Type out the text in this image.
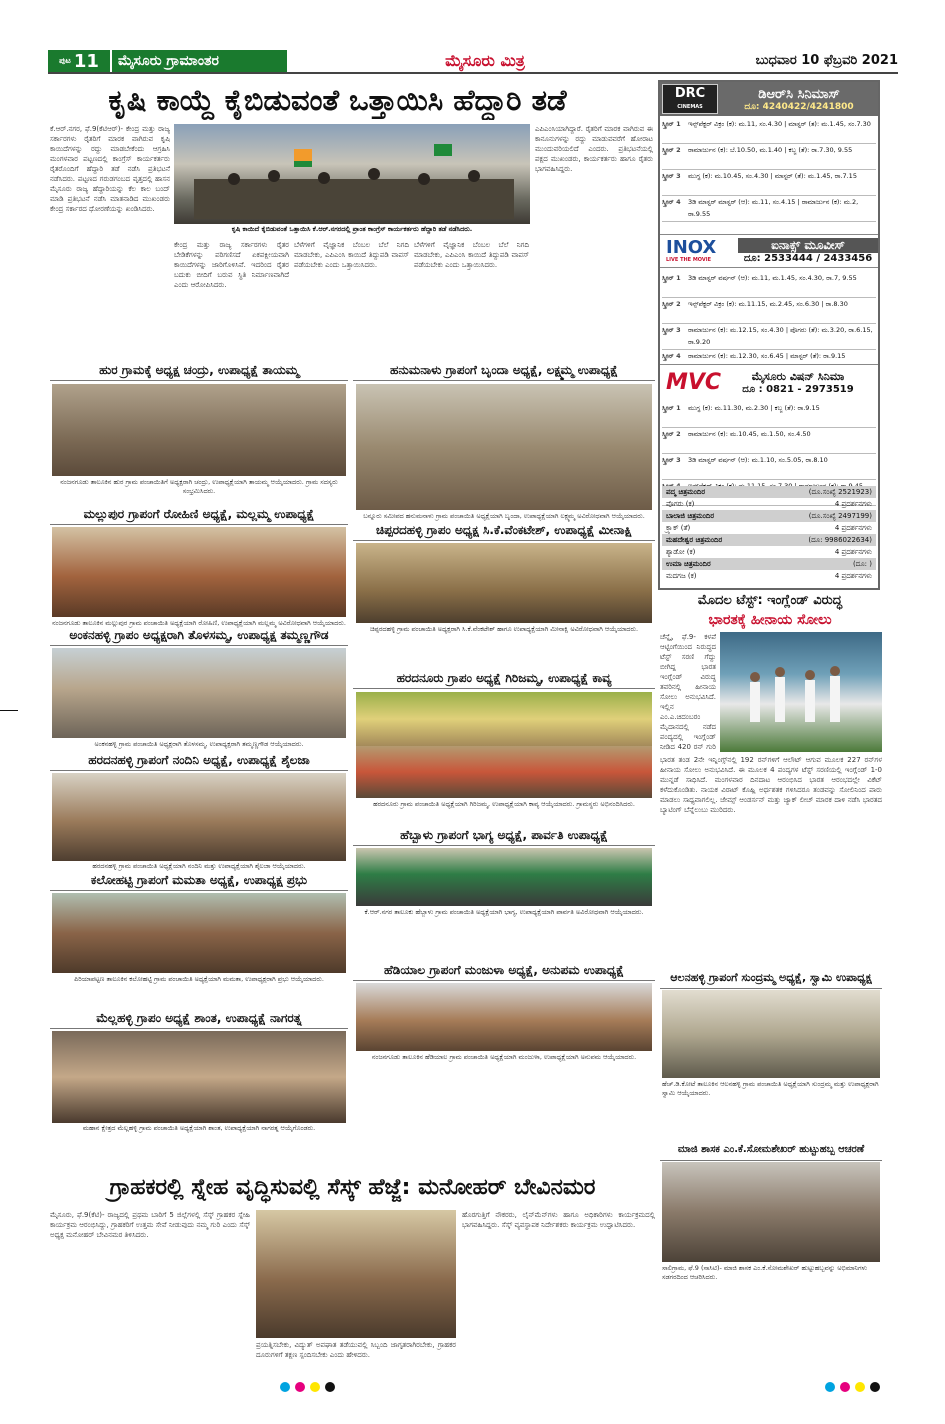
ಪುಟ 11	ಮೈಸೂರು ಗ್ರಾಮಾಂತರ	ಮೈಸೂರು ಮಿತ್ರ	ಬುಧವಾರ 10 ಫೆಬ್ರವರಿ 2021
ಕೃಷಿ ಕಾಯ್ದೆ ಕೈಬಿಡುವಂತೆ ಒತ್ತಾಯಿಸಿ ಹೆದ್ದಾರಿ ತಡೆ
ಕೆ.ಆರ್.ನಗರ, ಫೆ.9(ಕೆಟಿಆರ್)- ಕೇಂದ್ರ ಮತ್ತು ರಾಜ್ಯ ಸರ್ಕಾರಗಳು ರೈತರಿಗೆ ಮಾರಕ ವಾಗಿರುವ ಕೃಷಿ ಕಾಯಿದೆಗಳನ್ನು ರದ್ದು ಮಾಡಬೇಕೆಂದು ಆಗ್ರಹಿಸಿ ಮಂಗಳವಾರ ಪಟ್ಟಣದಲ್ಲಿ ಕಾಂಗ್ರೆಸ್ ಕಾರ್ಯಕರ್ತರು ರೈತರೊಂದಿಗೆ ಹೆದ್ದಾರಿ ತಡೆ ನಡೆಸಿ ಪ್ರತಿಭಟನೆ ನಡೆಸಿದರು. ಪಟ್ಟಣದ ಗರುಡಗಂಬದ ವೃತ್ತದಲ್ಲಿ ಹಾಸನ ಮೈಸೂರು ರಾಜ್ಯ ಹೆದ್ದಾರಿಯನ್ನು ಕೆಲ ಕಾಲ ಬಂದ್ ಮಾಡಿ ಪ್ರತಿಭಟನೆ ನಡೆಸಿ ಮಾತನಾಡಿದ ಮುಖಂಡರು ಕೇಂದ್ರ ಸರ್ಕಾರದ ಧೋರಣೆಯನ್ನು ಖಂಡಿಸಿದರು.
ಕೃಷಿ ಕಾಯಿದೆ ಕೈಬಿಡುವಂತೆ ಒತ್ತಾಯಿಸಿ ಕೆ.ಆರ್.ನಗರದಲ್ಲಿ ಪ್ರಾಂತ ಕಾಂಗ್ರೆಸ್ ಕಾರ್ಯಕರ್ತರು ಹೆದ್ದಾರಿ ತಡೆ ನಡೆಸಿದರು.
ಕೇಂದ್ರ ಮತ್ತು ರಾಜ್ಯ ಸರ್ಕಾರಗಳು ರೈತರ ಬೇಡಿಕೆಗಳನ್ನು ಪರಿಗಣಿಸದೆ ಏಕಪಕ್ಷೀಯವಾಗಿ ಕಾಯಿದೆಗಳನ್ನು ಜಾರಿಗೊಳಿಸಿವೆ. ಇದರಿಂದ ರೈತರ ಬದುಕು ಬೀದಿಗೆ ಬರುವ ಸ್ಥಿತಿ ನಿರ್ಮಾಣವಾಗಿದೆ ಎಂದು ಆರೋಪಿಸಿದರು.
ಬೆಳೆಗಳಿಗೆ ವೈಜ್ಞಾನಿಕ ಬೆಂಬಲ ಬೆಲೆ ನಿಗದಿ ಮಾಡಬೇಕು, ಎಪಿಎಂಸಿ ಕಾಯಿದೆ ತಿದ್ದುಪಡಿ ವಾಪಸ್ ಪಡೆಯಬೇಕು ಎಂದು ಒತ್ತಾಯಿಸಿದರು.
ಬೆಳೆಗಳಿಗೆ ವೈಜ್ಞಾನಿಕ ಬೆಂಬಲ ಬೆಲೆ ನಿಗದಿ ಮಾಡಬೇಕು, ಎಪಿಎಂಸಿ ಕಾಯಿದೆ ತಿದ್ದುಪಡಿ ವಾಪಸ್ ಪಡೆಯಬೇಕು ಎಂದು ಒತ್ತಾಯಿಸಿದರು.
ಎಪಿಎಂಸಿಯಾಗಿದ್ದಾರೆ. ರೈತರಿಗೆ ಮಾರಕ ವಾಗಿರುವ ಈ ಕಾನೂನುಗಳನ್ನು ರದ್ದು ಮಾಡುವವರೆಗೆ ಹೋರಾಟ ಮುಂದುವರಿಯಲಿದೆ ಎಂದರು. ಪ್ರತಿಭಟನೆಯಲ್ಲಿ ಪಕ್ಷದ ಮುಖಂಡರು, ಕಾರ್ಯಕರ್ತರು ಹಾಗೂ ರೈತರು ಭಾಗವಹಿಸಿದ್ದರು.
DRC
CINEMAS
ಡಿಆರ್‌ಸಿ ಸಿನಿಮಾಸ್
ದೂ: 4240422/4241800
ಸ್ಕ್ರೀನ್ 1	ಇನ್ಸ್‌ಪೆಕ್ಟರ್ ವಿಕ್ರಂ (ಕ): ಮ.11, ಸಂ.4.30 | ಮಾಸ್ಟರ್ (ತ): ಮ.1.45, ಸಂ.7.30
ಸ್ಕ್ರೀನ್ 2	ರಾಮಾರ್ಜುನ (ಕ): ಬೆ.10.50, ಮ.1.40 | ಕಬ್ಜ (ತೆ): ರಾ.7.30, 9.55
ಸ್ಕ್ರೀನ್ 3	ಮುಗ್ಧ (ಕ): ಮ.10.45, ಸಂ.4.30 | ಮಾಸ್ಟರ್ (ತೆ): ಮ.1.45, ರಾ.7.15
ಸ್ಕ್ರೀನ್ 4	3ಡಿ ಮಾಸ್ಟರ್ ಮಾಸ್ಟರ್ (ಆ): ಮ.11, ಸಂ.4.15 | ರಾಮಾರ್ಜುನ (ಕ): ಮ.2, ರಾ.9.55
INOX
LIVE THE MOVIE
ಐನಾಕ್ಸ್ ಮೂವೀಸ್
ದೂ: 2533444 / 2433456
ಸ್ಕ್ರೀನ್ 1	3ಡಿ ಮಾಸ್ಟರ್ ವರ್ಷನ್ (ಆ): ಮ.11, ಮ.1.45, ಸಂ.4.30, ರಾ.7, 9.55
ಸ್ಕ್ರೀನ್ 2	ಇನ್ಸ್‌ಪೆಕ್ಟರ್ ವಿಕ್ರಂ (ಕ): ಮ.11.15, ಮ.2.45, ಸಂ.6.30 | ರಾ.8.30
ಸ್ಕ್ರೀನ್ 3	ರಾಮಾರ್ಜುನ (ಕ): ಮ.12.15, ಸಂ.4.30 | ಪೊಗರು (ತೆ): ಮ.3.20, ರಾ.6.15, ರಾ.9.20
ಸ್ಕ್ರೀನ್ 4	ರಾಮಾರ್ಜುನ (ಕ): ಮ.12.30, ಸಂ.6.45 | ಮಾಸ್ಟರ್ (ತೆ): ರಾ.9.15
MVC	ಮೈಸೂರು ವಿಷನ್ ಸಿನಿಮಾ
ದೂ : 0821 - 2973519
ಸ್ಕ್ರೀನ್ 1	ಮುಗ್ಧ (ಕ): ಮ.11.30, ಮ.2.30 | ಕಬ್ಜ (ತೆ): ರಾ.9.15
ಸ್ಕ್ರೀನ್ 2	ರಾಮಾರ್ಜುನ (ಕ): ಮ.10.45, ಮ.1.50, ಸಂ.4.50
ಸ್ಕ್ರೀನ್ 3	3ಡಿ ಮಾಸ್ಟರ್ ವರ್ಷನ್ (ಆ): ಮ.1.10, ಸಂ.5.05, ರಾ.8.10
ಪದ್ಮ ಚಿತ್ರಮಂದಿರ	(ದೂ.ಸಂಖ್ಯೆ 2521923)
ಪೊಗರು (ಕ)	4 ಪ್ರದರ್ಶನಗಳು
ಬಾಲಾಜಿ ಚಿತ್ರಮಂದಿರ	(ದೂ.ಸಂಖ್ಯೆ 2497199)
ಕ್ರ್ಯಾಕ್ (ತೆ)	4 ಪ್ರದರ್ಶನಗಳು
ಮಹದೇಶ್ವರ ಚಿತ್ರಮಂದಿರ	(ದೂ: 9986022634)
ಶ್ಯಾಡೋ (ಕ)	4 ಪ್ರದರ್ಶನಗಳು
ಉಮಾ ಚಿತ್ರಮಂದಿರ	(ದೂ: )
ಮದಗಜ (ಕ)	4 ಪ್ರದರ್ಶನಗಳು
ಹುರ ಗ್ರಾಮಕ್ಕೆ ಅಧ್ಯಕ್ಷ ಚಂದ್ರು, ಉಪಾಧ್ಯಕ್ಷೆ ತಾಯಮ್ಮ
ನಂಜನಗೂಡು ತಾಲೂಕಿನ ಹುರ ಗ್ರಾಮ ಪಂಚಾಯಿತಿಗೆ ಅಧ್ಯಕ್ಷರಾಗಿ ಚಂದ್ರು, ಉಪಾಧ್ಯಕ್ಷೆಯಾಗಿ ತಾಯಮ್ಮ ಆಯ್ಕೆಯಾದರು. ಗ್ರಾಮ ಸದಸ್ಯರು ಸಂಭ್ರಮಿಸಿದರು.
ಹನುಮನಾಳು ಗ್ರಾಪಂಗೆ ಬೃಂದಾ ಅಧ್ಯಕ್ಷೆ, ಲಕ್ಷ್ಮಮ್ಮ ಉಪಾಧ್ಯಕ್ಷೆ
ಬನ್ನೂರು ಸಮೀಪದ ಹನುಮನಾಳು ಗ್ರಾಮ ಪಂಚಾಯಿತಿ ಅಧ್ಯಕ್ಷೆಯಾಗಿ ಬೃಂದಾ, ಉಪಾಧ್ಯಕ್ಷೆಯಾಗಿ ಲಕ್ಷ್ಮಮ್ಮ ಅವಿರೋಧವಾಗಿ ಆಯ್ಕೆಯಾದರು.
ಮಲ್ಲುಪುರ ಗ್ರಾಪಂಗೆ ರೋಹಿಣಿ ಅಧ್ಯಕ್ಷೆ, ಮಲ್ಲಮ್ಮ ಉಪಾಧ್ಯಕ್ಷೆ
ನಂಜನಗೂಡು ತಾಲೂಕಿನ ಮಲ್ಲುಪುರ ಗ್ರಾಮ ಪಂಚಾಯಿತಿ ಅಧ್ಯಕ್ಷೆಯಾಗಿ ರೋಹಿಣಿ, ಉಪಾಧ್ಯಕ್ಷೆಯಾಗಿ ಮಲ್ಲಮ್ಮ ಅವಿರೋಧವಾಗಿ ಆಯ್ಕೆಯಾದರು.
ಚಿಪ್ಪರದಹಳ್ಳಿ ಗ್ರಾಪಂ ಅಧ್ಯಕ್ಷ ಸಿ.ಕೆ.ವೆಂಕಟೇಶ್, ಉಪಾಧ್ಯಕ್ಷೆ ಮೀನಾಕ್ಷಿ
ಚಿಪ್ಪರದಹಳ್ಳಿ ಗ್ರಾಮ ಪಂಚಾಯಿತಿ ಅಧ್ಯಕ್ಷರಾಗಿ ಸಿ.ಕೆ.ವೆಂಕಟೇಶ್ ಹಾಗೂ ಉಪಾಧ್ಯಕ್ಷೆಯಾಗಿ ಮೀನಾಕ್ಷಿ ಅವಿರೋಧವಾಗಿ ಆಯ್ಕೆಯಾದರು.
ಅಂಕನಹಳ್ಳಿ ಗ್ರಾಪಂ ಅಧ್ಯಕ್ಷರಾಗಿ ತೊಳಸಮ್ಮ, ಉಪಾಧ್ಯಕ್ಷ ತಮ್ಮಣ್ಣಗೌಡ
ಅಂಕನಹಳ್ಳಿ ಗ್ರಾಮ ಪಂಚಾಯಿತಿ ಅಧ್ಯಕ್ಷರಾಗಿ ತೊಳಸಮ್ಮ, ಉಪಾಧ್ಯಕ್ಷರಾಗಿ ತಮ್ಮಣ್ಣಗೌಡ ಆಯ್ಕೆಯಾದರು.
ಹರದನೂರು ಗ್ರಾಪಂ ಅಧ್ಯಕ್ಷೆ ಗಿರಿಜಮ್ಮ, ಉಪಾಧ್ಯಕ್ಷೆ ಕಾವ್ಯ
ಹರದನೂರು ಗ್ರಾಮ ಪಂಚಾಯಿತಿ ಅಧ್ಯಕ್ಷೆಯಾಗಿ ಗಿರಿಜಮ್ಮ, ಉಪಾಧ್ಯಕ್ಷೆಯಾಗಿ ಕಾವ್ಯ ಆಯ್ಕೆಯಾದರು. ಗ್ರಾಮಸ್ಥರು ಅಭಿನಂದಿಸಿದರು.
ಹರದನಹಳ್ಳಿ ಗ್ರಾಪಂಗೆ ನಂದಿನಿ ಅಧ್ಯಕ್ಷೆ, ಉಪಾಧ್ಯಕ್ಷೆ ಶೈಲಜಾ
ಹರದನಹಳ್ಳಿ ಗ್ರಾಮ ಪಂಚಾಯಿತಿ ಅಧ್ಯಕ್ಷೆಯಾಗಿ ನಂದಿನಿ ಮತ್ತು ಉಪಾಧ್ಯಕ್ಷೆಯಾಗಿ ಶೈಲಜಾ ಆಯ್ಕೆಯಾದರು.
ಹೆಬ್ಬಾಳು ಗ್ರಾಪಂಗೆ ಭಾಗ್ಯ ಅಧ್ಯಕ್ಷೆ, ಪಾರ್ವತಿ ಉಪಾಧ್ಯಕ್ಷೆ
ಕೆ.ಆರ್.ನಗರ ತಾಲೂಕು ಹೆಬ್ಬಾಳು ಗ್ರಾಮ ಪಂಚಾಯಿತಿ ಅಧ್ಯಕ್ಷೆಯಾಗಿ ಭಾಗ್ಯ, ಉಪಾಧ್ಯಕ್ಷೆಯಾಗಿ ಪಾರ್ವತಿ ಅವಿರೋಧವಾಗಿ ಆಯ್ಕೆಯಾದರು.
ಕಲೋಹಟ್ಟಿ ಗ್ರಾಪಂಗೆ ಮಮತಾ ಅಧ್ಯಕ್ಷೆ, ಉಪಾಧ್ಯಕ್ಷ ಪ್ರಭು
ಪಿರಿಯಾಪಟ್ಟಣ ತಾಲೂಕಿನ ಕಲೋಹಟ್ಟಿ ಗ್ರಾಮ ಪಂಚಾಯಿತಿ ಅಧ್ಯಕ್ಷೆಯಾಗಿ ಮಮತಾ, ಉಪಾಧ್ಯಕ್ಷರಾಗಿ ಪ್ರಭು ಆಯ್ಕೆಯಾದರು.
ಹೆಡಿಯಾಲ ಗ್ರಾಪಂಗೆ ಮಂಜುಳಾ ಅಧ್ಯಕ್ಷೆ, ಅನುಪಮ ಉಪಾಧ್ಯಕ್ಷೆ
ನಂಜನಗೂಡು ತಾಲೂಕಿನ ಹೆಡಿಯಾಲ ಗ್ರಾಮ ಪಂಚಾಯಿತಿ ಅಧ್ಯಕ್ಷೆಯಾಗಿ ಮಂಜುಳಾ, ಉಪಾಧ್ಯಕ್ಷೆಯಾಗಿ ಅನುಪಮ ಆಯ್ಕೆಯಾದರು.
ಮೆಲ್ಲಹಳ್ಳಿ ಗ್ರಾಪಂ ಅಧ್ಯಕ್ಷೆ ಶಾಂತ, ಉಪಾಧ್ಯಕ್ಷೆ ನಾಗರತ್ನ
ಮಹಾನ ಕ್ಷೇತ್ರದ ಮೆಲ್ಲಹಳ್ಳಿ ಗ್ರಾಮ ಪಂಚಾಯಿತಿ ಅಧ್ಯಕ್ಷೆಯಾಗಿ ಶಾಂತ, ಉಪಾಧ್ಯಕ್ಷೆಯಾಗಿ ನಾಗರತ್ನ ಆಯ್ಕೆಗೊಂಡರು.
ಮೊದಲ ಟೆಸ್ಟ್: ಇಂಗ್ಲೆಂಡ್ ವಿರುದ್ಧ
ಭಾರತಕ್ಕೆ ಹೀನಾಯ ಸೋಲು
ಚೆನ್ನೈ, ಫೆ.9- ಕಳಪೆ ಆಟ್ಟಿಂಗೆಯಿಂದ ನಿರುದ್ಧದ ಟೆಸ್ಟ್ ಸರಣಿ ಗೆದ್ದು ಬೀಗಿದ್ದ ಭಾರತ ಇಂಗ್ಲೆಂಡ್ ವಿರುದ್ಧ ತವರಿನಲ್ಲಿ ಹೀನಾಯ ಸೋಲು ಅನುಭವಿಸಿದೆ. ಇಲ್ಲಿನ ಎಂ.ಎ.ಚಿದಂಬರಂ ಮೈದಾನದಲ್ಲಿ ನಡೆದ ಪಂದ್ಯದಲ್ಲಿ ಇಂಗ್ಲೆಂಡ್ ನೀಡಿದ 420 ರನ್ ಗುರಿ
ಭಾರತ ತಂಡ 2ನೇ ಇನ್ನಿಂಗ್ಸ್‌ನಲ್ಲಿ 192 ರನ್‌ಗಳಿಗೆ ಆಲೌಟ್ ಆಗುವ ಮೂಲಕ 227 ರನ್‌ಗಳ ಹೀನಾಯ ಸೋಲು ಅನುಭವಿಸಿದೆ. ಈ ಮೂಲಕ 4 ಪಂದ್ಯಗಳ ಟೆಸ್ಟ್ ಸರಣಿಯಲ್ಲಿ ಇಂಗ್ಲೆಂಡ್ 1-0 ಮುನ್ನಡೆ ಸಾಧಿಸಿದೆ. ಮಂಗಳವಾರ ದಿನದಾಟ ಆರಂಭಿಸಿದ ಭಾರತ ಆರಂಭದಲ್ಲೇ ವಿಕೆಟ್ ಕಳೆದುಕೊಂಡಿತು. ನಾಯಕ ವಿರಾಟ್ ಕೊಹ್ಲಿ ಅರ್ಧಶತಕ ಗಳಿಸಿದರೂ ತಂಡವನ್ನು ಸೋಲಿನಿಂದ ಪಾರು ಮಾಡಲು ಸಾಧ್ಯವಾಗಲಿಲ್ಲ. ಜೇಮ್ಸ್ ಆಂಡರ್ಸನ್ ಮತ್ತು ಜ್ಯಾಕ್ ಲೀಚ್ ಮಾರಕ ದಾಳಿ ನಡೆಸಿ ಭಾರತದ ಬ್ಯಾಟಿಂಗ್ ಬೆನ್ನೆಲುಬು ಮುರಿದರು.
ಆಲನಹಳ್ಳಿ ಗ್ರಾಪಂಗೆ ಸುಂದ್ರಮ್ಮ ಅಧ್ಯಕ್ಷೆ, ಸ್ವಾಮಿ ಉಪಾಧ್ಯಕ್ಷ
ಹೆಚ್.ಡಿ.ಕೋಟೆ ತಾಲೂಕಿನ ಆಲನಹಳ್ಳಿ ಗ್ರಾಮ ಪಂಚಾಯಿತಿ ಅಧ್ಯಕ್ಷೆಯಾಗಿ ಸುಂದ್ರಮ್ಮ ಮತ್ತು ಉಪಾಧ್ಯಕ್ಷರಾಗಿ ಸ್ವಾಮಿ ಆಯ್ಕೆಯಾದರು.
ಮಾಜಿ ಶಾಸಕ ಎಂ.ಕೆ.ಸೋಮಶೇಖರ್ ಹುಟ್ಟುಹಬ್ಬ ಆಚರಣೆ
ಸಾಲಿಗ್ರಾಮ, ಫೆ.9 (ಸಾಸಿಟಿ)- ಮಾಜಿ ಶಾಸಕ ಎಂ.ಕೆ.ಸೋಮಶೇಖರ್ ಹುಟ್ಟುಹಬ್ಬವನ್ನು ಅಭಿಮಾನಿಗಳು ಸಡಗರದಿಂದ ಆಚರಿಸಿದರು.
ಗ್ರಾಹಕರಲ್ಲಿ ಸ್ನೇಹ ವೃದ್ಧಿಸುವಲ್ಲಿ ಸೆಸ್ಕ್ ಹೆಜ್ಜೆ: ಮನೋಹರ್ ಬೇವಿನಮರ
ಮೈಸೂರು, ಫೆ.9(ಕೆಟಿ)- ರಾಜ್ಯದಲ್ಲಿ ಪ್ರಥಮ ಬಾರಿಗೆ 5 ಜಿಲ್ಲೆಗಳಲ್ಲಿ ಸೆಸ್ಕ್ ಗ್ರಾಹಕರ ಸ್ನೇಹಿ ಕಾರ್ಯಕ್ರಮ ಆರಂಭಿಸಿದ್ದು, ಗ್ರಾಹಕರಿಗೆ ಉತ್ತಮ ಸೇವೆ ನೀಡುವುದು ನಮ್ಮ ಗುರಿ ಎಂದು ಸೆಸ್ಕ್ ಅಧ್ಯಕ್ಷ ಮನೋಹರ್ ಬೇವಿನಮರ ತಿಳಿಸಿದರು.
ಪ್ರಯತ್ನಿಸಬೇಕು, ವಿದ್ಯುತ್ ಅಪಘಾತ ತಡೆಯುವಲ್ಲಿ ಸಿಬ್ಬಂದಿ ಜಾಗೃತರಾಗಿರಬೇಕು, ಗ್ರಾಹಕರ ದೂರುಗಳಿಗೆ ತಕ್ಷಣ ಸ್ಪಂದಿಸಬೇಕು ಎಂದು ಹೇಳಿದರು.
ಹೊರಗುತ್ತಿಗೆ ನೌಕರರು, ಲೈನ್‌ಮೆನ್‌ಗಳು ಹಾಗೂ ಅಧಿಕಾರಿಗಳು ಕಾರ್ಯಕ್ರಮದಲ್ಲಿ ಭಾಗವಹಿಸಿದ್ದರು. ಸೆಸ್ಕ್ ವ್ಯವಸ್ಥಾಪಕ ನಿರ್ದೇಶಕರು ಕಾರ್ಯಕ್ರಮ ಉದ್ಘಾಟಿಸಿದರು.
